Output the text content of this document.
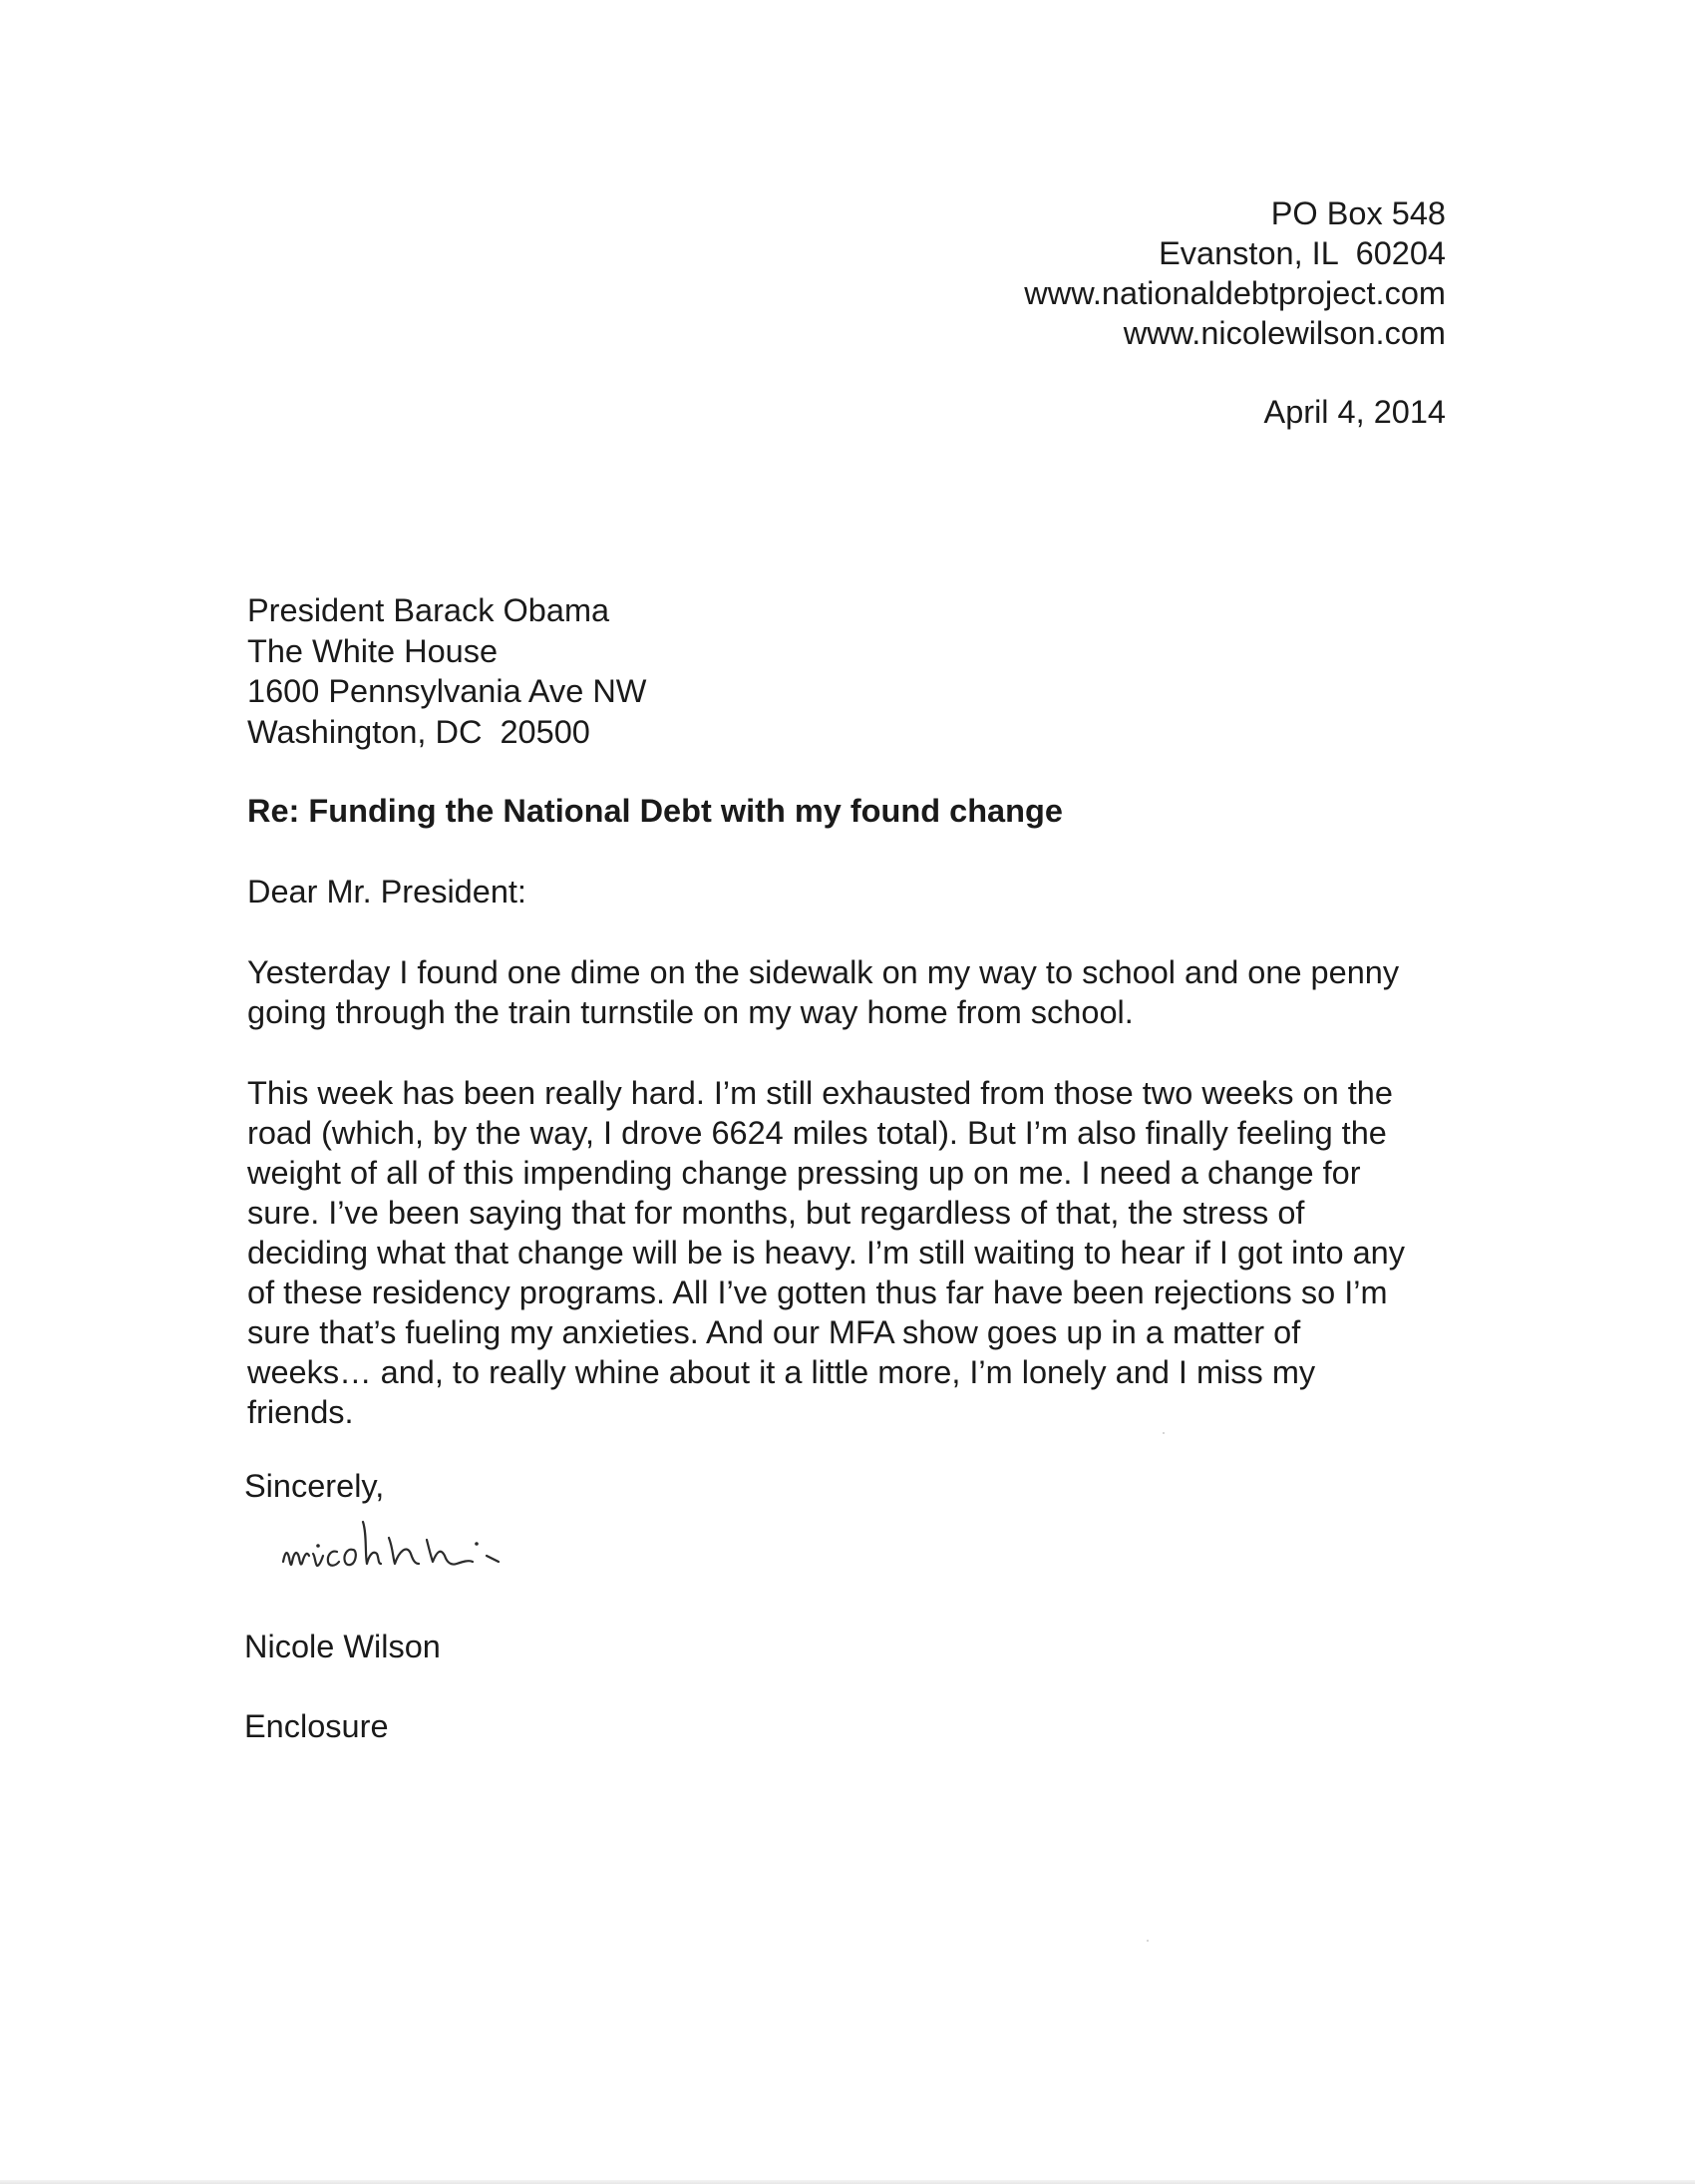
PO Box 548
Evanston, IL  60204
www.nationaldebtproject.com
www.nicolewilson.com
April 4, 2014
President Barack Obama
The White House
1600 Pennsylvania Ave NW
Washington, DC  20500
Re: Funding the National Debt with my found change
Dear Mr. President:
Yesterday I found one dime on the sidewalk on my way to school and one penny
going through the train turnstile on my way home from school.
This week has been really hard. I’m still exhausted from those two weeks on the
road (which, by the way, I drove 6624 miles total). But I’m also finally feeling the
weight of all of this impending change pressing up on me. I need a change for
sure. I’ve been saying that for months, but regardless of that, the stress of
deciding what that change will be is heavy. I’m still waiting to hear if I got into any
of these residency programs. All I’ve gotten thus far have been rejections so I’m
sure that’s fueling my anxieties. And our MFA show goes up in a matter of
weeks… and, to really whine about it a little more, I’m lonely and I miss my
friends.
Sincerely,
Nicole Wilson
Enclosure
